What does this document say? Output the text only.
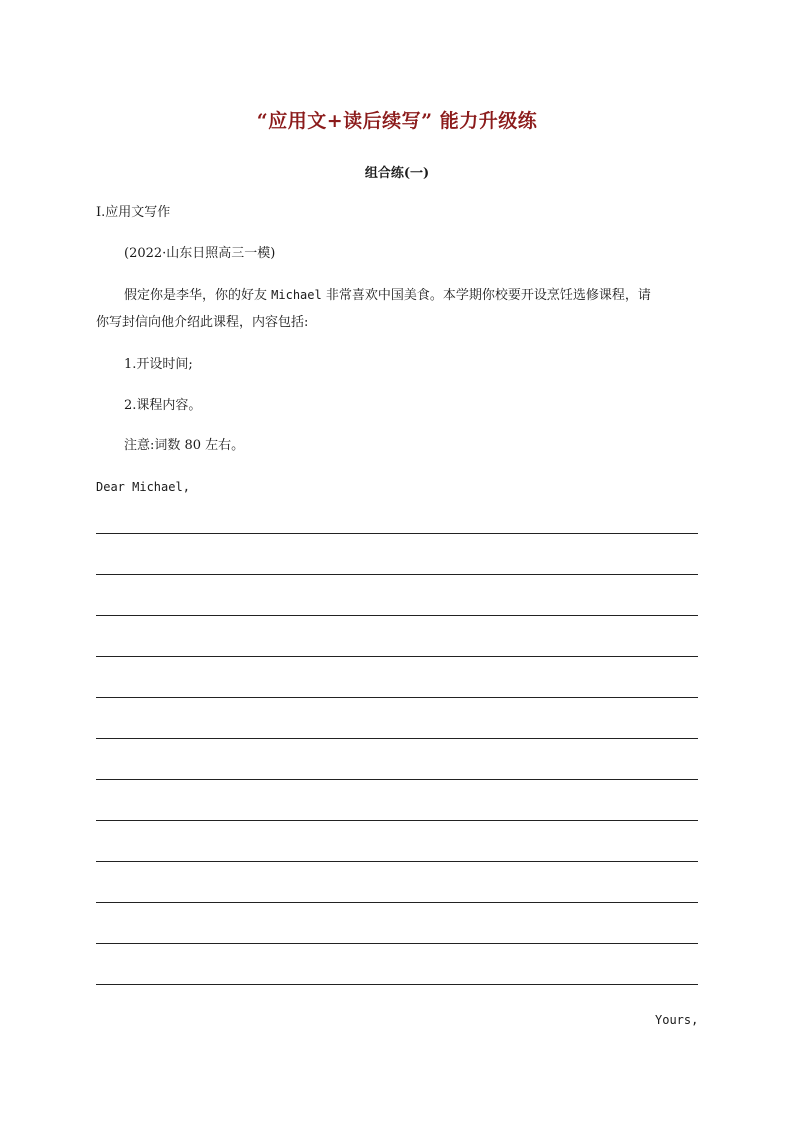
“应用文+读后续写” 能力升级练
组合练(一)
Ⅰ.应用文写作
(2022·山东日照高三一模)
假定你是李华，你的好友 Michael 非常喜欢中国美食。本学期你校要开设烹饪选修课程，请
你写封信向他介绍此课程，内容包括:
1.开设时间;
2.课程内容。
注意:词数 80 左右。
Dear Michael,
Yours,
